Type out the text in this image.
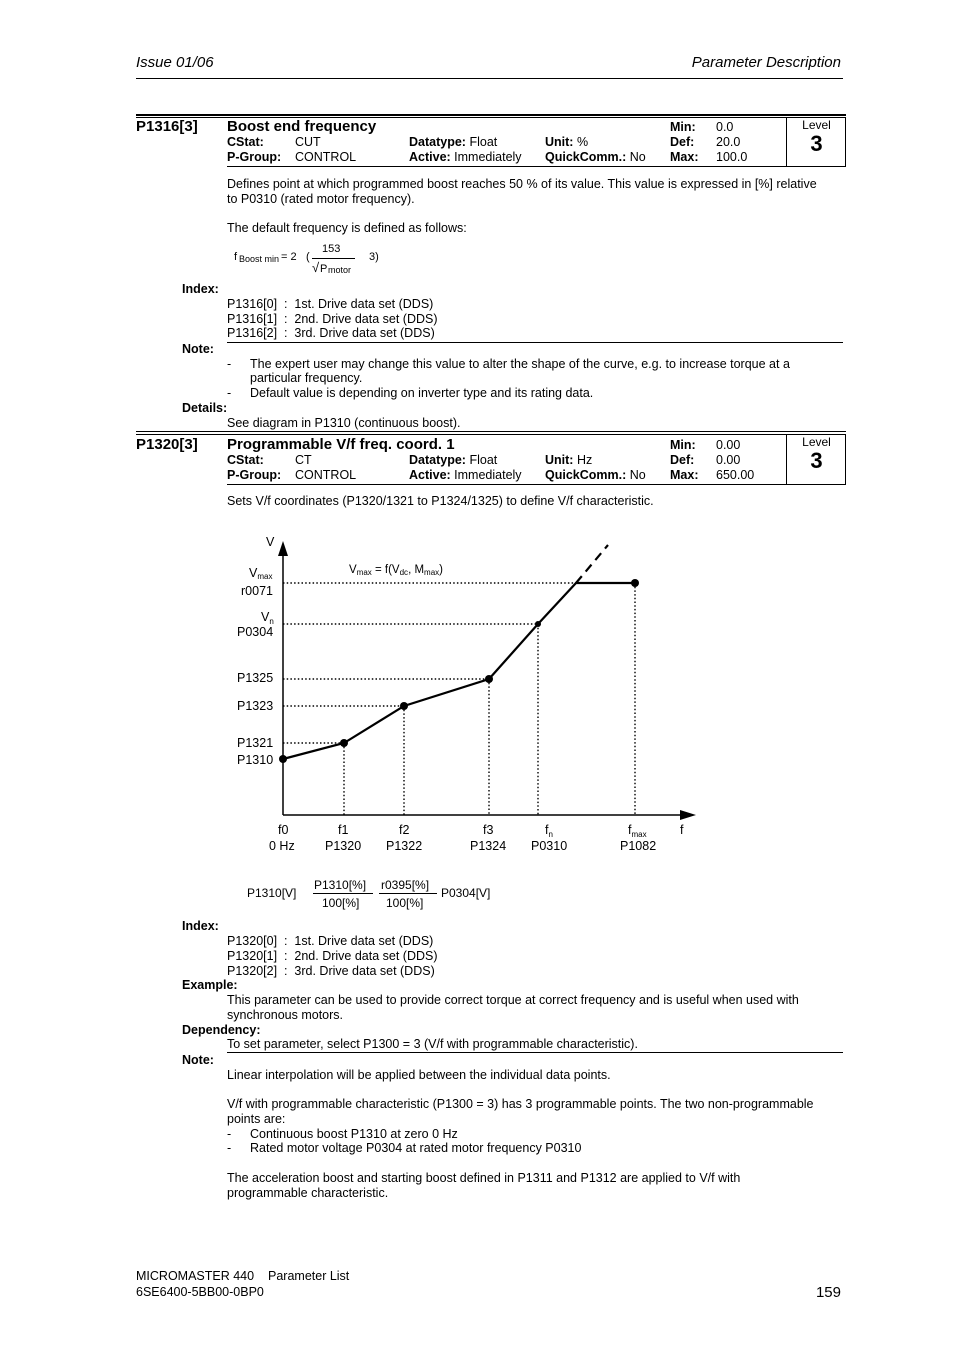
Issue 01/06	Parameter Description
P1316[3] Boost end frequency
CStat: CUT
P-Group: CONTROL
Datatype: Float
Active: Immediately
Unit: %
QuickComm.: No
Min: 0.0
Def: 20.0
Max: 100.0
Level
3
Defines point at which programmed boost reaches 50 % of its value. This value is expressed in [%] relative
to P0310 (rated motor frequency).
The default frequency is defined as follows:
f Boost min = 2 (
153
√ P motor
3)
Index:
P1316[0]  :  1st. Drive data set (DDS)
P1316[1]  :  2nd. Drive data set (DDS)
P1316[2]  :  3rd. Drive data set (DDS)
Note:
- The expert user may change this value to alter the shape of the curve, e.g. to increase torque at a
particular frequency.
- Default value is depending on inverter type and its rating data.
Details:
See diagram in P1310 (continuous boost).
P1320[3] Programmable V/f freq. coord. 1
CStat: CT
P-Group: CONTROL
Datatype: Float
Active: Immediately
Unit: Hz
QuickComm.: No
Min: 0.00
Def: 0.00
Max: 650.00
Level
3
Sets V/f coordinates (P1320/1321 to P1324/1325) to define V/f characteristic.
V
Vmax
r0071
$V_n$
P0304
P1325
P1323
P1321
P1310
f
Vmax = f(Vdc, Mmax)
f0
0 Hz
f1
P1320
f2
P1322
f3
P1324
$f_n$
P0310
$f_{max}$
P1082
P1310[V]
P1310[%]
100[%]
r0395[%]
100[%]
P0304[V]
Index:
P1320[0]  :  1st. Drive data set (DDS)
P1320[1]  :  2nd. Drive data set (DDS)
P1320[2]  :  3rd. Drive data set (DDS)
Example:
This parameter can be used to provide correct torque at correct frequency and is useful when used with
synchronous motors.
Dependency:
To set parameter, select P1300 = 3 (V/f with programmable characteristic).
Note:
Linear interpolation will be applied between the individual data points.
V/f with programmable characteristic (P1300 = 3) has 3 programmable points. The two non-programmable
points are:
- Continuous boost P1310 at zero 0 Hz
- Rated motor voltage P0304 at rated motor frequency P0310
The acceleration boost and starting boost defined in P1311 and P1312 are applied to V/f with
programmable characteristic.
MICROMASTER 440 Parameter List
6SE6400-5BB00-0BP0	159
